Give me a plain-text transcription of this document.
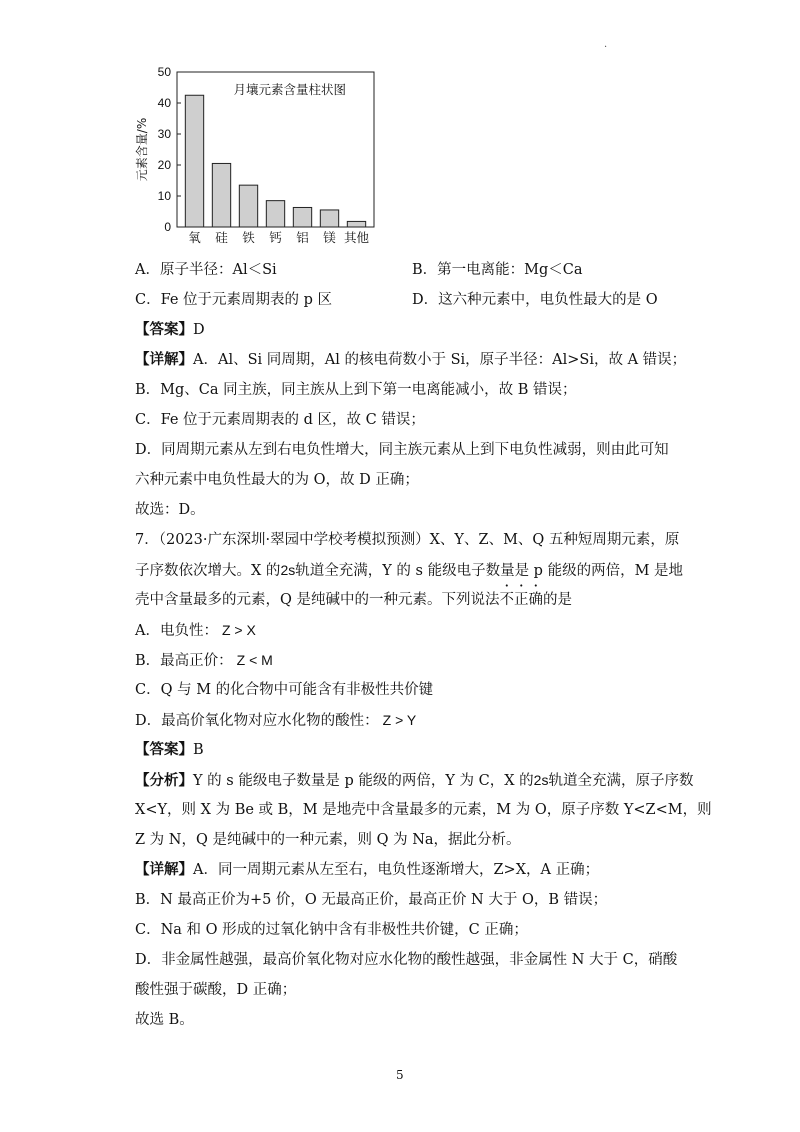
·
0
10
20
30
40
50
元素含量/%
月壤元素含量柱状图
氧 硅 铁 钙 铝 镁 其他
A．原子半径：Al＜Si	B．第一电离能：Mg＜Ca
C．Fe 位于元素周期表的 p 区	D．这六种元素中，电负性最大的是 O
【答案】D
【详解】A．Al、Si 同周期，Al 的核电荷数小于 Si，原子半径：Al>Si，故 A 错误；
B．Mg、Ca 同主族，同主族从上到下第一电离能减小，故 B 错误；
C．Fe 位于元素周期表的 d 区，故 C 错误；
D．同周期元素从左到右电负性增大，同主族元素从上到下电负性减弱，则由此可知
六种元素中电负性最大的为 O，故 D 正确；
故选：D。
7．（2023·广东深圳·翠园中学校考模拟预测）X、Y、Z、M、Q 五种短周期元素，原
子序数依次增大。X 的2s轨道全充满，Y 的 s 能级电子数量是 p 能级的两倍，M 是地
壳中含量最多的元素，Q 是纯碱中的一种元素。下列说法不正确的是
A．电负性： Z > X
B．最高正价： Z < M
C．Q 与 M 的化合物中可能含有非极性共价键
D．最高价氧化物对应水化物的酸性： Z > Y
【答案】B
【分析】Y 的 s 能级电子数量是 p 能级的两倍，Y 为 C，X 的2s轨道全充满，原子序数
X<Y，则 X 为 Be 或 B，M 是地壳中含量最多的元素，M 为 O，原子序数 Y<Z<M，则
Z 为 N，Q 是纯碱中的一种元素，则 Q 为 Na，据此分析。
【详解】A．同一周期元素从左至右，电负性逐渐增大，Z>X，A 正确；
B．N 最高正价为+5 价，O 无最高正价，最高正价 N 大于 O，B 错误；
C．Na 和 O 形成的过氧化钠中含有非极性共价键，C 正确；
D．非金属性越强，最高价氧化物对应水化物的酸性越强，非金属性 N 大于 C，硝酸
酸性强于碳酸，D 正确；
故选 B。
5
